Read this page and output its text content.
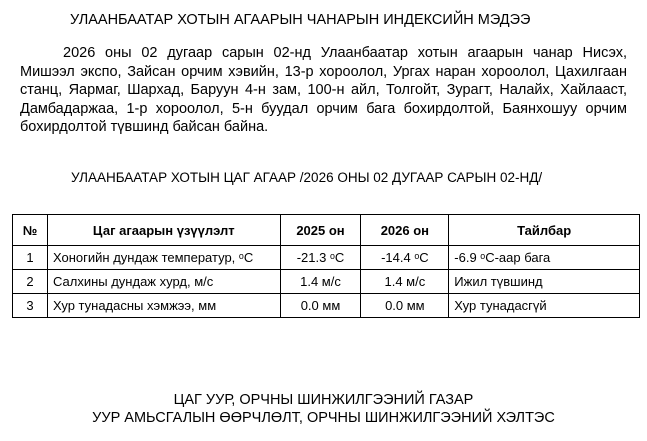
УЛААНБААТАР ХОТЫН АГААРЫН ЧАНАРЫН ИНДЕКСИЙН МЭДЭЭ

2026 оны 02 дугаар сарын 02-нд Улаанбаатар хотын агаарын чанар Нисэх, Мишээл экспо, Зайсан орчим хэвийн, 13-р хороолол, Ургах наран хороолол, Цахилгаан станц, Яармаг, Шархад, Баруун 4-н зам, 100-н айл, Толгойт, Зурагт, Налайх, Хайлааст, Дамбадаржаа, 1-р хороолол, 5-н буудал орчим бага бохирдолтой, Баянхошуу орчим бохирдолтой түвшинд байсан байна.

УЛААНБААТАР ХОТЫН ЦАГ АГААР /2026 ОНЫ 02 ДУГААР САРЫН 02-НД/
№	Цаг агаарын үзүүлэлт	2025 он	2026 он	Тайлбар
1	Хоногийн дундаж температур, ᵒС	-21.3 ᵒС	-14.4 ᵒС	-6.9 ᵒС-аар бага
2	Салхины дундаж хурд, м/с	1.4 м/с	1.4 м/с	Ижил түвшинд
3	Хур тунадасны хэмжээ, мм	0.0 мм	0.0 мм	Хур тунадасгүй
ЦАГ УУР, ОРЧНЫ ШИНЖИЛГЭЭНИЙ ГАЗАР
УУР АМЬСГАЛЫН ӨӨРЧЛӨЛТ, ОРЧНЫ ШИНЖИЛГЭЭНИЙ ХЭЛТЭС
